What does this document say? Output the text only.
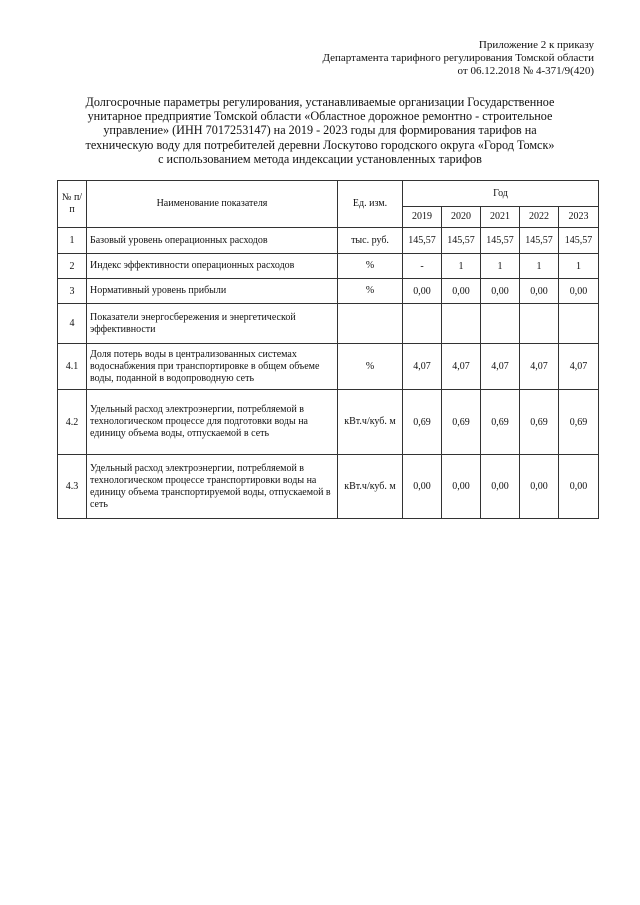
Приложение 2 к приказу
Департамента тарифного регулирования Томской области
от 06.12.2018 № 4-371/9(420)
Долгосрочные параметры регулирования, устанавливаемые организации Государственное
унитарное предприятие Томской области «Областное дорожное ремонтно - строительное
управление» (ИНН 7017253147) на 2019 - 2023 годы для формирования тарифов на
техническую воду для потребителей деревни Лоскутово городского округа «Город Томск»
с использованием метода индексации установленных тарифов
№ п/п	Наименование показателя	Ед. изм.	Год				
			2019	2020	2021	2022	2023
1	Базовый уровень операционных расходов	тыс. руб.	145,57	145,57	145,57	145,57	145,57
2	Индекс эффективности операционных расходов	%	-	1	1	1	1
3	Нормативный уровень прибыли	%	0,00	0,00	0,00	0,00	0,00
4	Показатели энергосбережения и энергетической эффективности						
4.1	Доля потерь воды в централизованных системах водоснабжения при транспортировке в общем объеме воды, поданной в водопроводную сеть	%	4,07	4,07	4,07	4,07	4,07
4.2	Удельный расход электроэнергии, потребляемой в технологическом процессе для подготовки воды на единицу объема воды, отпускаемой в сеть	кВт.ч/куб. м	0,69	0,69	0,69	0,69	0,69
4.3	Удельный расход электроэнергии, потребляемой в технологическом процессе транспортировки воды на единицу объема транспортируемой воды, отпускаемой в сеть	кВт.ч/куб. м	0,00	0,00	0,00	0,00	0,00
